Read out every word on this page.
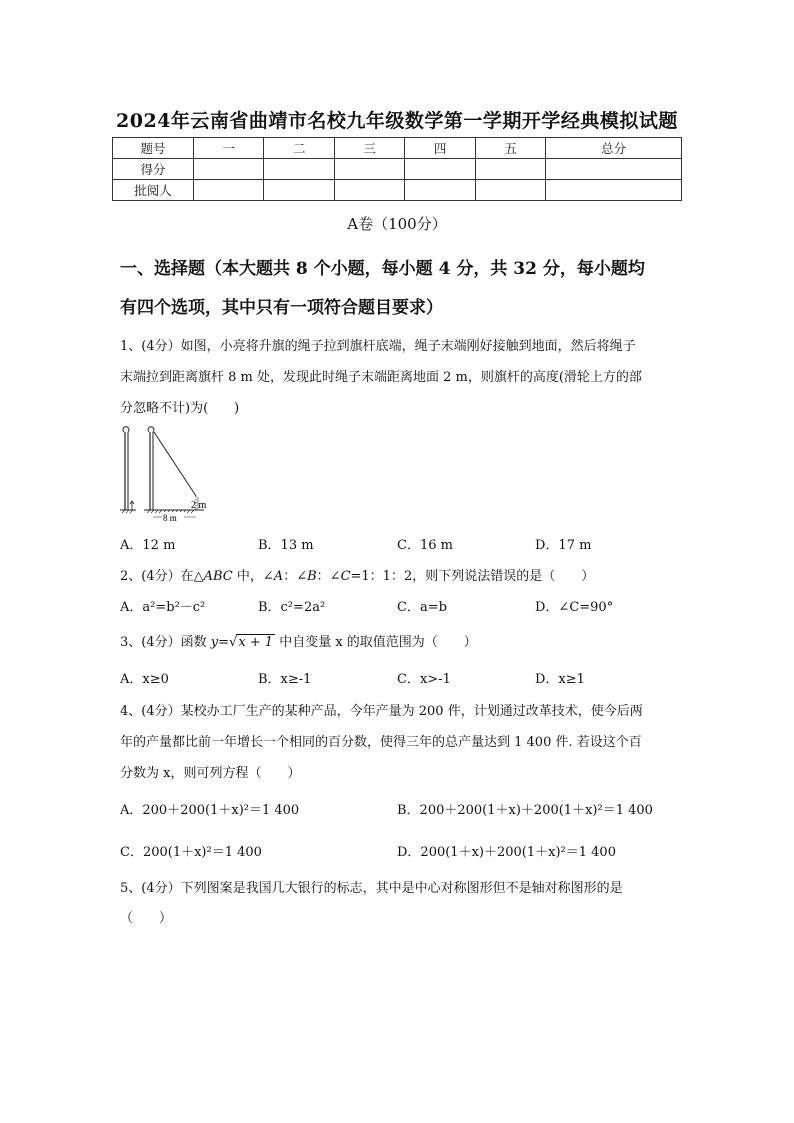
2024年云南省曲靖市名校九年级数学第一学期开学经典模拟试题
题号	一	二	三	四	五	总分
得分						
批阅人						
A卷（100分）
一、选择题（本大题共 8 个小题，每小题 4 分，共 32 分，每小题均
有四个选项，其中只有一项符合题目要求）
1、(4分）如图，小亮将升旗的绳子拉到旗杆底端，绳子末端刚好接触到地面，然后将绳子
末端拉到距离旗杆 8 m 处，发现此时绳子末端距离地面 2 m，则旗杆的高度(滑轮上方的部
分忽略不计)为(　　)
2 m
8 m
A．12 m	B．13 m	C．16 m	D．17 m
2、(4分）在△ABC 中，∠A：∠B：∠C=1：1：2，则下列说法错误的是（　　）
A．a²=b²－c²	B．c²=2a²	C．a=b	D．∠C=90°
3、(4分）函数 y=√x + 1 中自变量 x 的取值范围为（　　）
A．x≥0	B．x≥-1	C．x>-1	D．x≥1
4、(4分）某校办工厂生产的某种产品，今年产量为 200 件，计划通过改革技术，使今后两
年的产量都比前一年增长一个相同的百分数，使得三年的总产量达到 1 400 件. 若设这个百
分数为 x，则可列方程（　　）
A．200＋200(1＋x)²＝1 400	B．200＋200(1＋x)＋200(1＋x)²＝1 400
C．200(1＋x)²＝1 400	D．200(1＋x)＋200(1＋x)²＝1 400
5、(4分）下列图案是我国几大银行的标志，其中是中心对称图形但不是轴对称图形的是
（　　）
